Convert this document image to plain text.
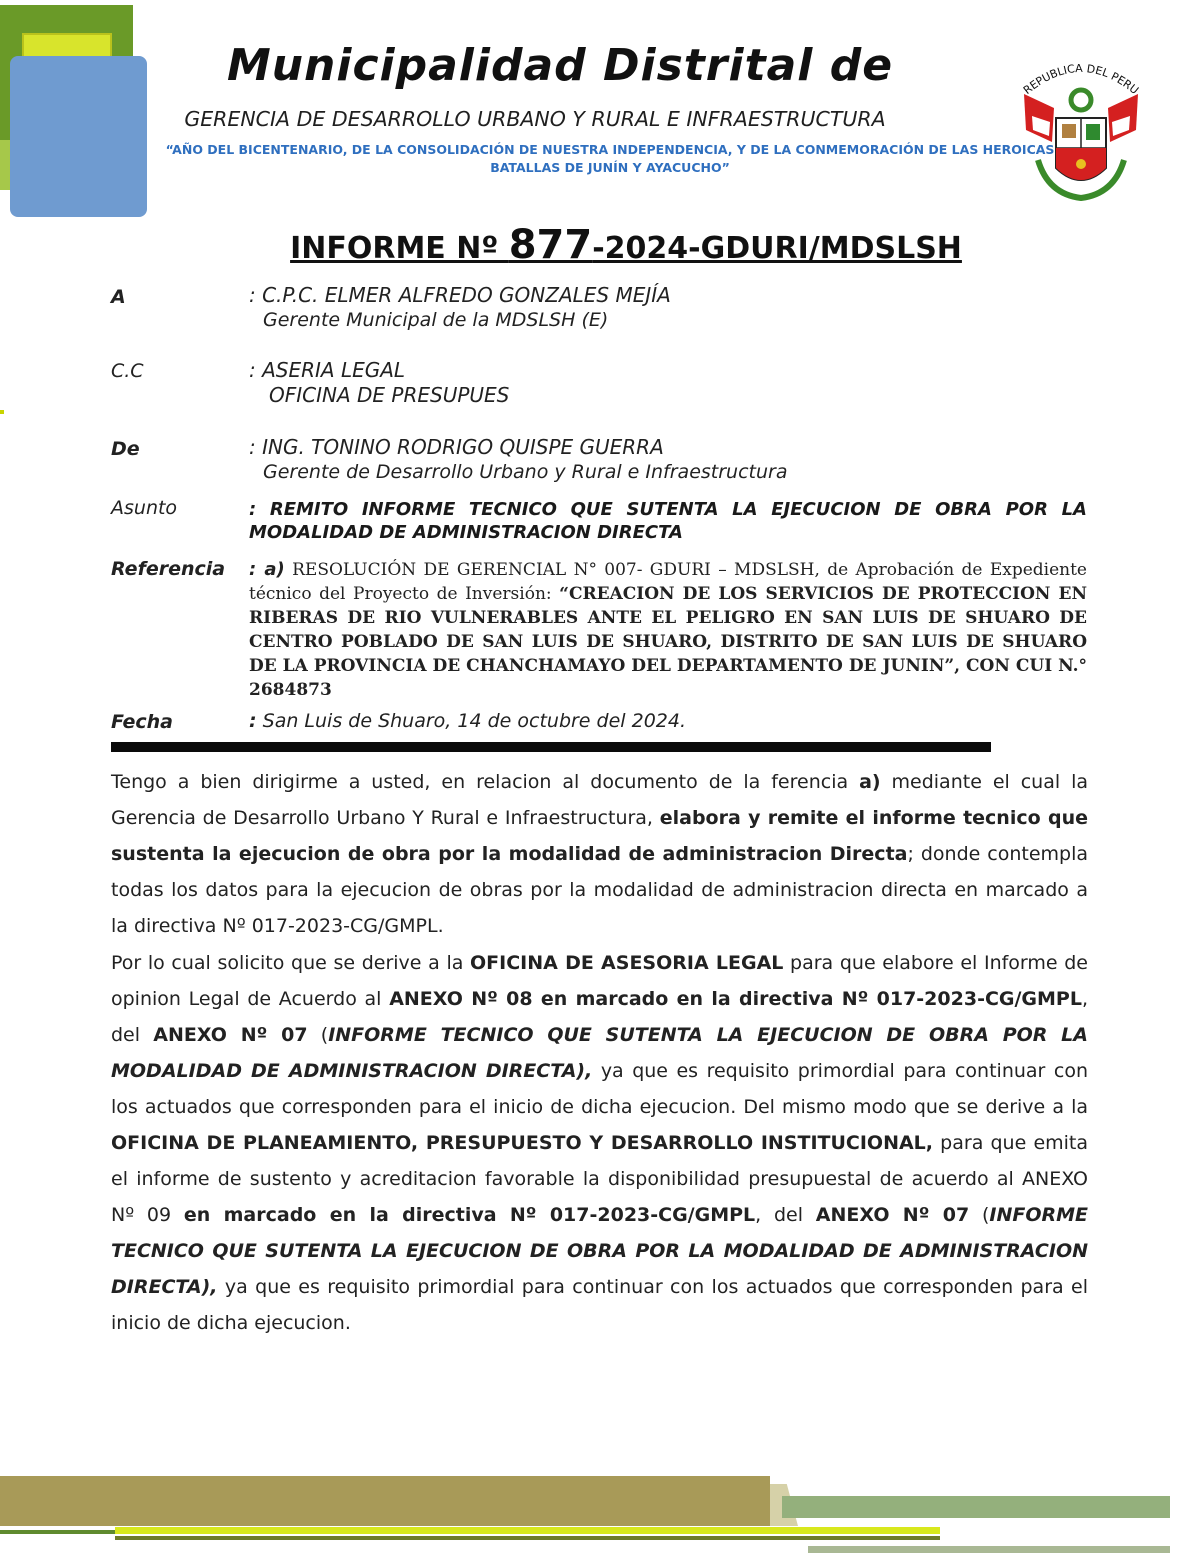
Municipalidad Distrital de
GERENCIA DE DESARROLLO URBANO Y RURAL E INFRAESTRUCTURA
“AÑO DEL BICENTENARIO, DE LA CONSOLIDACIÓN DE NUESTRA INDEPENDENCIA, Y DE LA CONMEMORACIÓN DE LAS HEROICAS
BATALLAS DE JUNÍN Y AYACUCHO”
REPUBLICA DEL PERU
INFORME Nº 877-2024-GDURI/MDSLSH
A	: C.P.C. ELMER ALFREDO GONZALES MEJÍA
Gerente Municipal de la MDSLSH (E)
C.C	: ASERIA LEGAL
OFICINA DE PRESUPUES
De	: ING. TONINO RODRIGO QUISPE GUERRA
Gerente de Desarrollo Urbano y Rural e Infraestructura
Asunto	: REMITO INFORME TECNICO QUE SUTENTA LA EJECUCION DE OBRA POR LA MODALIDAD DE ADMINISTRACION DIRECTA
Referencia : a) RESOLUCIÓN DE GERENCIAL N° 007- GDURI – MDSLSH, de Aprobación de Expediente técnico del Proyecto de Inversión: “CREACION DE LOS SERVICIOS DE PROTECCION EN RIBERAS DE RIO VULNERABLES ANTE EL PELIGRO EN SAN LUIS DE SHUARO DE CENTRO POBLADO DE SAN LUIS DE SHUARO, DISTRITO DE SAN LUIS DE SHUARO DE LA PROVINCIA DE CHANCHAMAYO DEL DEPARTAMENTO DE JUNIN”, CON CUI N.° 2684873
Fecha	: San Luis de Shuaro, 14 de octubre del 2024.
Tengo a bien dirigirme a usted, en relacion al documento de la ferencia a) mediante el cual la Gerencia de Desarrollo Urbano Y Rural e Infraestructura, elabora y remite el informe tecnico que sustenta la ejecucion de obra por la modalidad de administracion Directa; donde contempla todas los datos para la ejecucion de obras por la modalidad de administracion directa en marcado a la directiva Nº 017-2023-CG/GMPL.
Por lo cual solicito que se derive a la OFICINA DE ASESORIA LEGAL para que elabore el Informe de opinion Legal de Acuerdo al ANEXO Nº 08 en marcado en la directiva Nº 017-2023-CG/GMPL, del ANEXO Nº 07 (INFORME TECNICO QUE SUTENTA LA EJECUCION DE OBRA POR LA MODALIDAD DE ADMINISTRACION DIRECTA), ya que es requisito primordial para continuar con los actuados que corresponden para el inicio de dicha ejecucion. Del mismo modo que se derive a la OFICINA DE PLANEAMIENTO, PRESUPUESTO Y DESARROLLO INSTITUCIONAL, para que emita el informe de sustento y acreditacion favorable la disponibilidad presupuestal de acuerdo al ANEXO Nº 09 en marcado en la directiva Nº 017-2023-CG/GMPL, del ANEXO Nº 07 (INFORME TECNICO QUE SUTENTA LA EJECUCION DE OBRA POR LA MODALIDAD DE ADMINISTRACION DIRECTA), ya que es requisito primordial para continuar con los actuados que corresponden para el inicio de dicha ejecucion.
